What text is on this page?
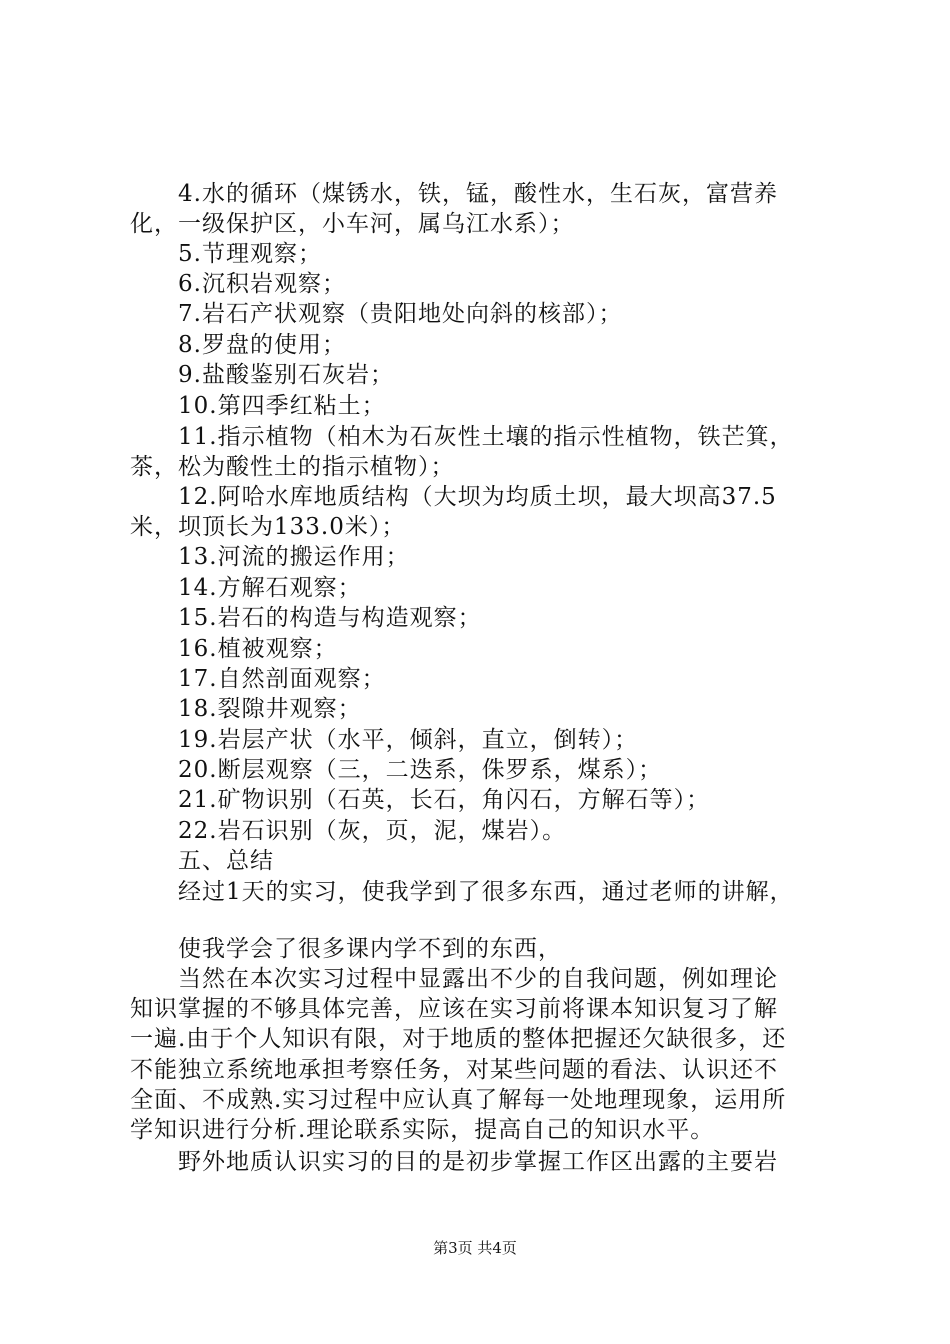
4.水的循环（煤锈水，铁，锰，酸性水，生石灰，富营养
化，一级保护区，小车河，属乌江水系）；
5.节理观察；
6.沉积岩观察；
7.岩石产状观察（贵阳地处向斜的核部）；
8.罗盘的使用；
9.盐酸鉴别石灰岩；
10.第四季红粘土；
11.指示植物（柏木为石灰性土壤的指示性植物，铁芒箕，
茶，松为酸性土的指示植物）；
12.阿哈水库地质结构（大坝为均质土坝，最大坝高37.5
米，坝顶长为133.0米）；
13.河流的搬运作用；
14.方解石观察；
15.岩石的构造与构造观察；
16.植被观察；
17.自然剖面观察；
18.裂隙井观察；
19.岩层产状（水平，倾斜，直立，倒转）；
20.断层观察（三，二迭系，侏罗系，煤系）；
21.矿物识别（石英，长石，角闪石，方解石等）；
22.岩石识别（灰，页，泥，煤岩）。
五、总结
经过1天的实习，使我学到了很多东西，通过老师的讲解，
使我学会了很多课内学不到的东西，
当然在本次实习过程中显露出不少的自我问题，例如理论
知识掌握的不够具体完善，应该在实习前将课本知识复习了解
一遍.由于个人知识有限，对于地质的整体把握还欠缺很多，还
不能独立系统地承担考察任务，对某些问题的看法、认识还不
全面、不成熟.实习过程中应认真了解每一处地理现象，运用所
学知识进行分析.理论联系实际，提高自己的知识水平。
野外地质认识实习的目的是初步掌握工作区出露的主要岩
第3页 共4页
